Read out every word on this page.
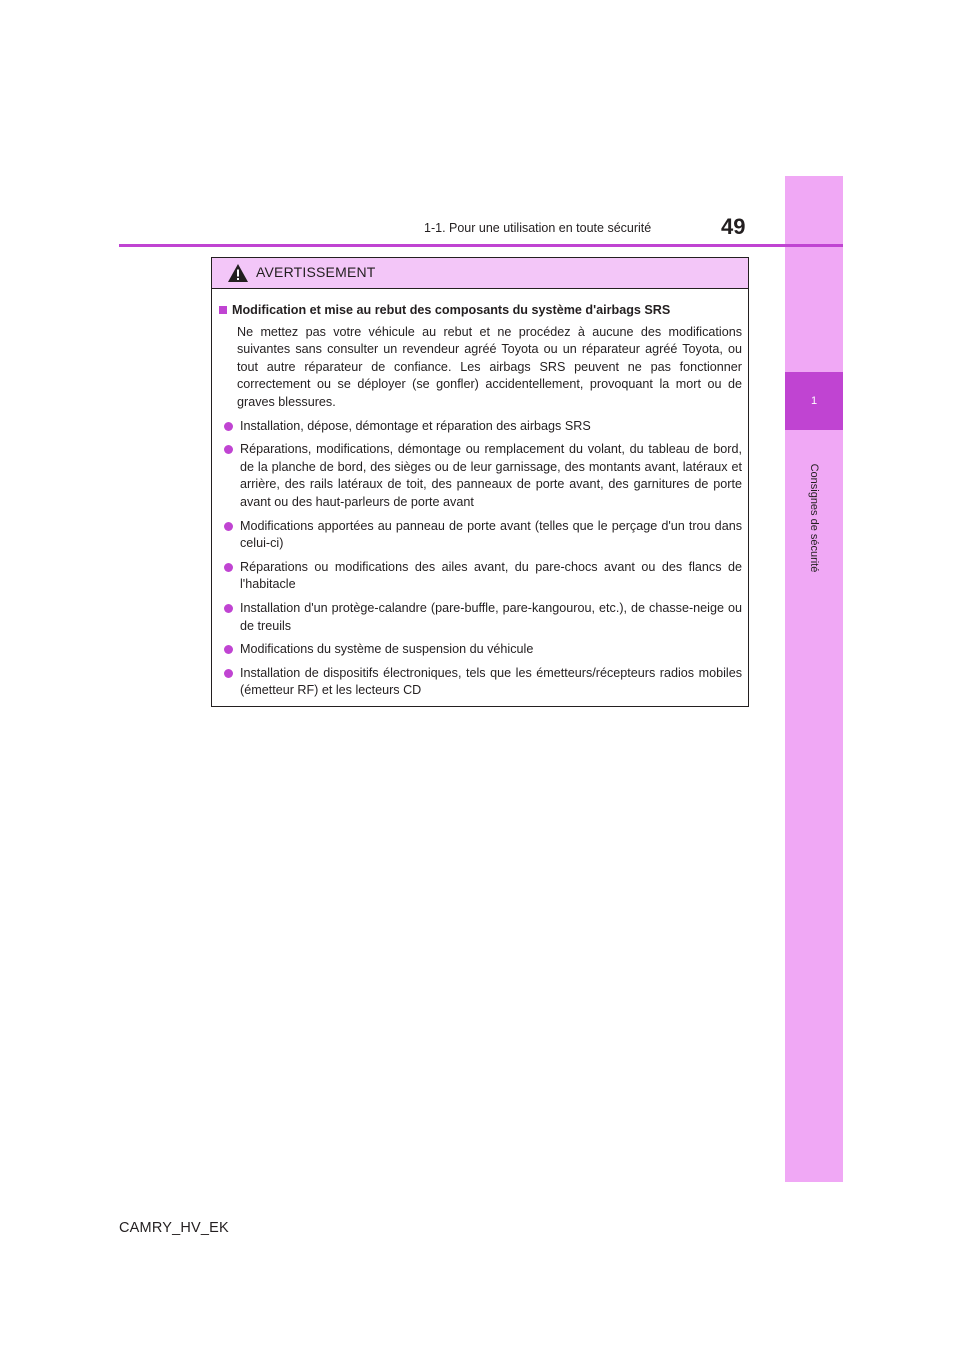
1
Consignes de sécurité
1-1. Pour une utilisation en toute sécurité	49
AVERTISSEMENT
Modification et mise au rebut des composants du système d'airbags SRS
Ne mettez pas votre véhicule au rebut et ne procédez à aucune des modifications suivantes sans consulter un revendeur agréé Toyota ou un réparateur agréé Toyota, ou tout autre réparateur de confiance. Les airbags SRS peuvent ne pas fonctionner correctement ou se déployer (se gonfler) accidentellement, provoquant la mort ou de graves blessures.
Installation, dépose, démontage et réparation des airbags SRS
Réparations, modifications, démontage ou remplacement du volant, du tableau de bord, de la planche de bord, des sièges ou de leur garnissage, des montants avant, latéraux et arrière, des rails latéraux de toit, des panneaux de porte avant, des garnitures de porte avant ou des haut-parleurs de porte avant
Modifications apportées au panneau de porte avant (telles que le perçage d'un trou dans celui-ci)
Réparations ou modifications des ailes avant, du pare-chocs avant ou des flancs de l'habitacle
Installation d'un protège-calandre (pare-buffle, pare-kangourou, etc.), de chasse-neige ou de treuils
Modifications du système de suspension du véhicule
Installation de dispositifs électroniques, tels que les émetteurs/récepteurs radios mobiles (émetteur RF) et les lecteurs CD
CAMRY_HV_EK
